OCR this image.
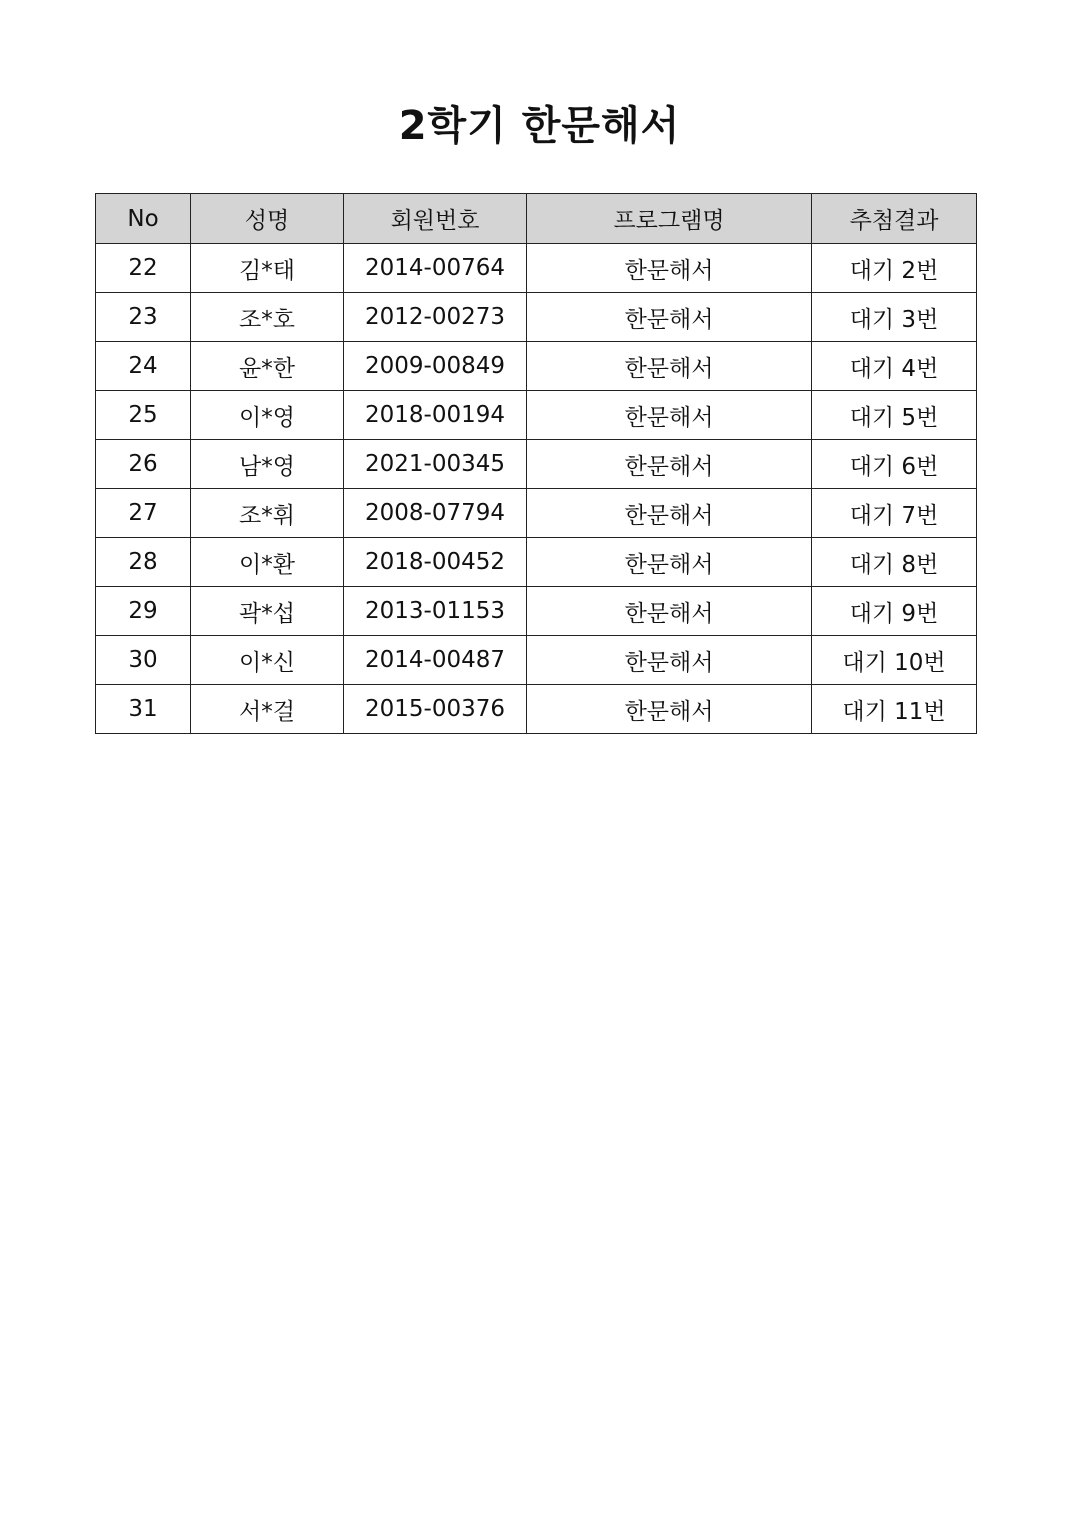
2학기 한문해서
No	성명	회원번호	프로그램명	추첨결과
22	김*태	2014-00764	한문해서	대기 2번
23	조*호	2012-00273	한문해서	대기 3번
24	윤*한	2009-00849	한문해서	대기 4번
25	이*영	2018-00194	한문해서	대기 5번
26	남*영	2021-00345	한문해서	대기 6번
27	조*휘	2008-07794	한문해서	대기 7번
28	이*환	2018-00452	한문해서	대기 8번
29	곽*섭	2013-01153	한문해서	대기 9번
30	이*신	2014-00487	한문해서	대기 10번
31	서*걸	2015-00376	한문해서	대기 11번
